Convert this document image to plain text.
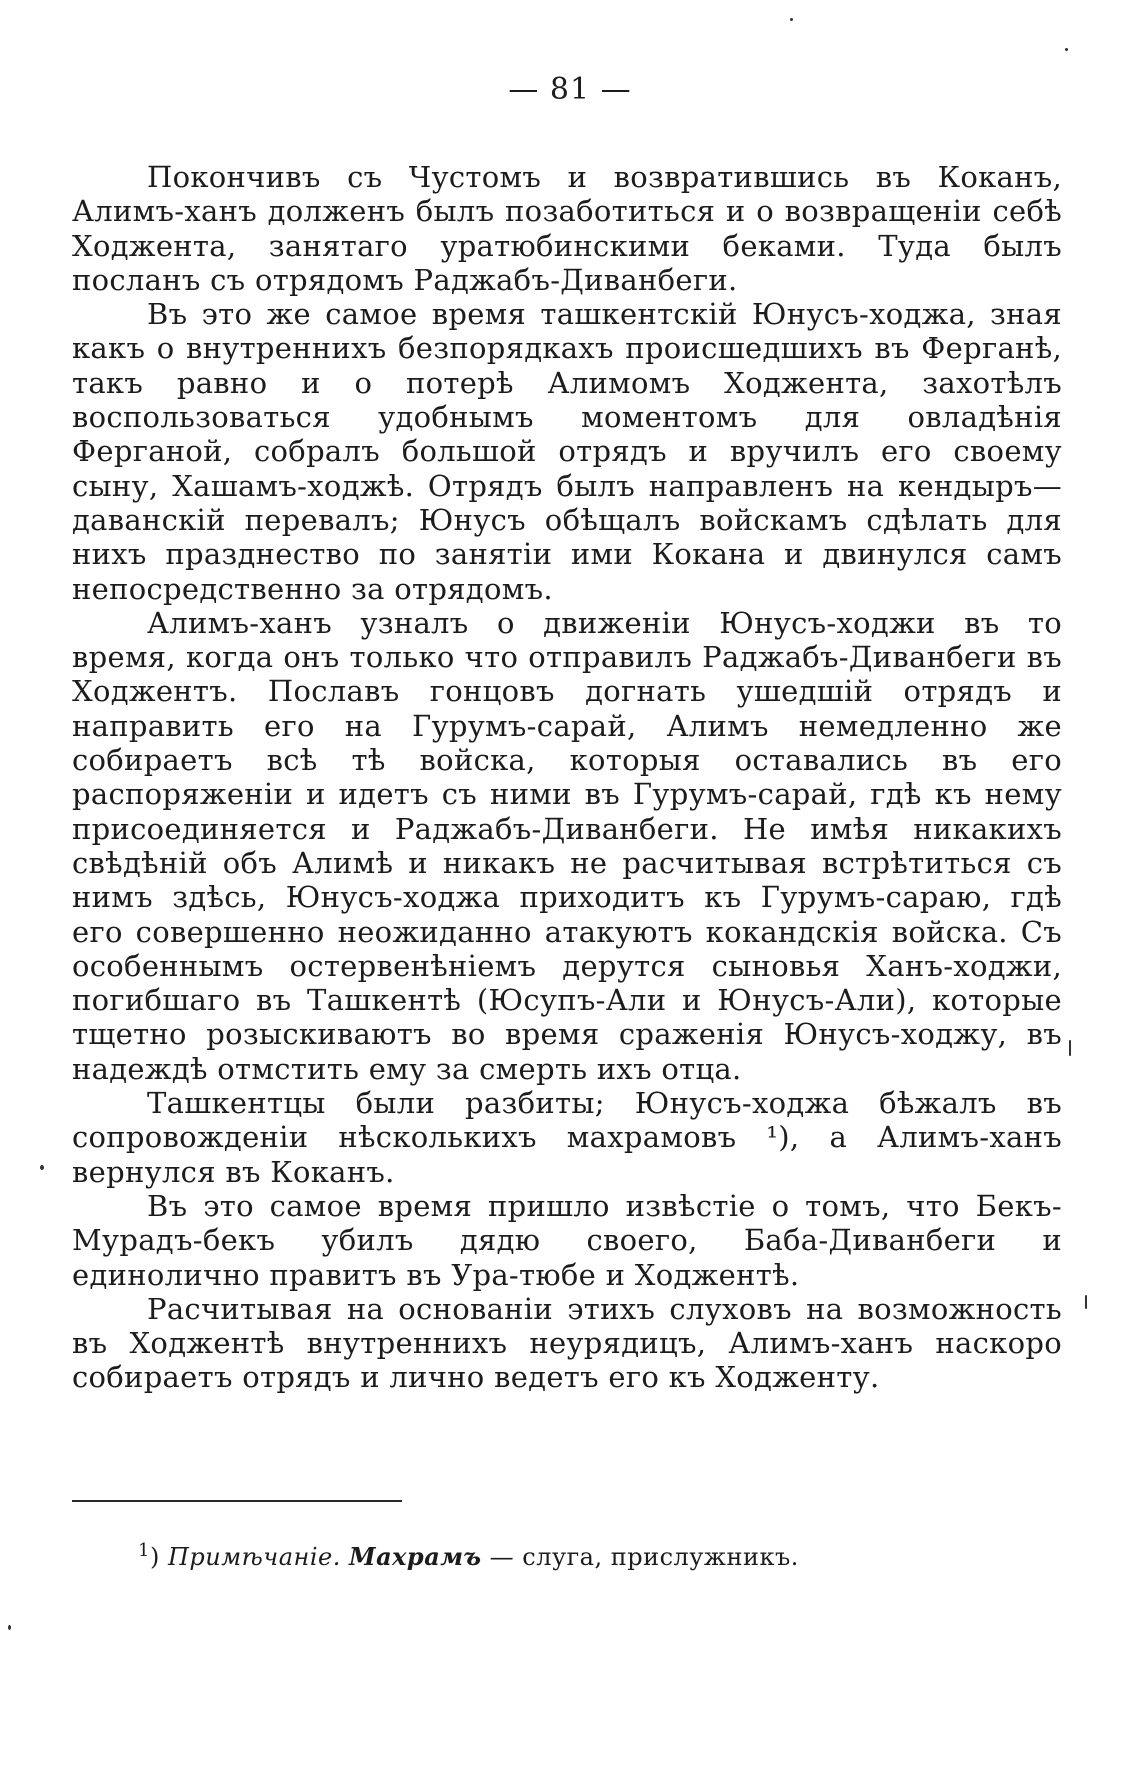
— 81 —

Покончивъ съ Чустомъ и возвратившись въ Коканъ, Алимъ-ханъ долженъ былъ позаботиться и о возвращеніи себѣ Ходжента, занятаго уратюбинскими беками. Туда былъ посланъ съ отрядомъ Раджабъ-Диванбеги.

Въ это же самое время ташкентскій Юнусъ-ходжа, зная какъ о внутреннихъ безпорядкахъ происшедшихъ въ Ферганѣ, такъ равно и о потерѣ Алимомъ Ходжента, захотѣлъ воспользоваться удобнымъ моментомъ для овладѣнія Ферганой, собралъ большой отрядъ и вручилъ его своему сыну, Хашамъ-ходжѣ. Отрядъ былъ направленъ на кендыръ—даванскій перевалъ; Юнусъ обѣщалъ войскамъ сдѣлать для нихъ празднество по занятіи ими Кокана и двинулся самъ непосредственно за отрядомъ.

Алимъ-ханъ узналъ о движеніи Юнусъ-ходжи въ то время, когда онъ только что отправилъ Раджабъ-Диванбеги въ Ходжентъ. Пославъ гонцовъ догнать ушедшій отрядъ и направить его на Гурумъ-сарай, Алимъ немедленно же собираетъ всѣ тѣ войска, которыя оставались въ его распоряженіи и идетъ съ ними въ Гурумъ-сарай, гдѣ къ нему присоединяется и Раджабъ-Диванбеги. Не имѣя никакихъ свѣдѣній объ Алимѣ и никакъ не расчитывая встрѣтиться съ нимъ здѣсь, Юнусъ-ходжа приходитъ къ Гурумъ-сараю, гдѣ его совершенно неожиданно атакуютъ кокандскія войска. Съ особеннымъ остервенѣніемъ дерутся сыновья Ханъ-ходжи, погибшаго въ Ташкентѣ (Юсупъ-Али и Юнусъ-Али), которые тщетно розыскиваютъ во время сраженія Юнусъ-ходжу, въ надеждѣ отмстить ему за смерть ихъ отца.

Ташкентцы были разбиты; Юнусъ-ходжа бѣжалъ въ сопровожденіи нѣсколькихъ махрамовъ ¹), а Алимъ-ханъ вернулся въ Коканъ.

Въ это самое время пришло извѣстіе о томъ, что Бекъ-Мурадъ-бекъ убилъ дядю своего, Баба-Диванбеги и единолично правитъ въ Ура-тюбе и Ходжентѣ.

Расчитывая на основаніи этихъ слуховъ на возможность въ Ходжентѣ внутреннихъ неурядицъ, Алимъ-ханъ наскоро собираетъ отрядъ и лично ведетъ его къ Ходженту.

$^1$) Примѣчаніе. Махрамъ — слуга, прислужникъ.
